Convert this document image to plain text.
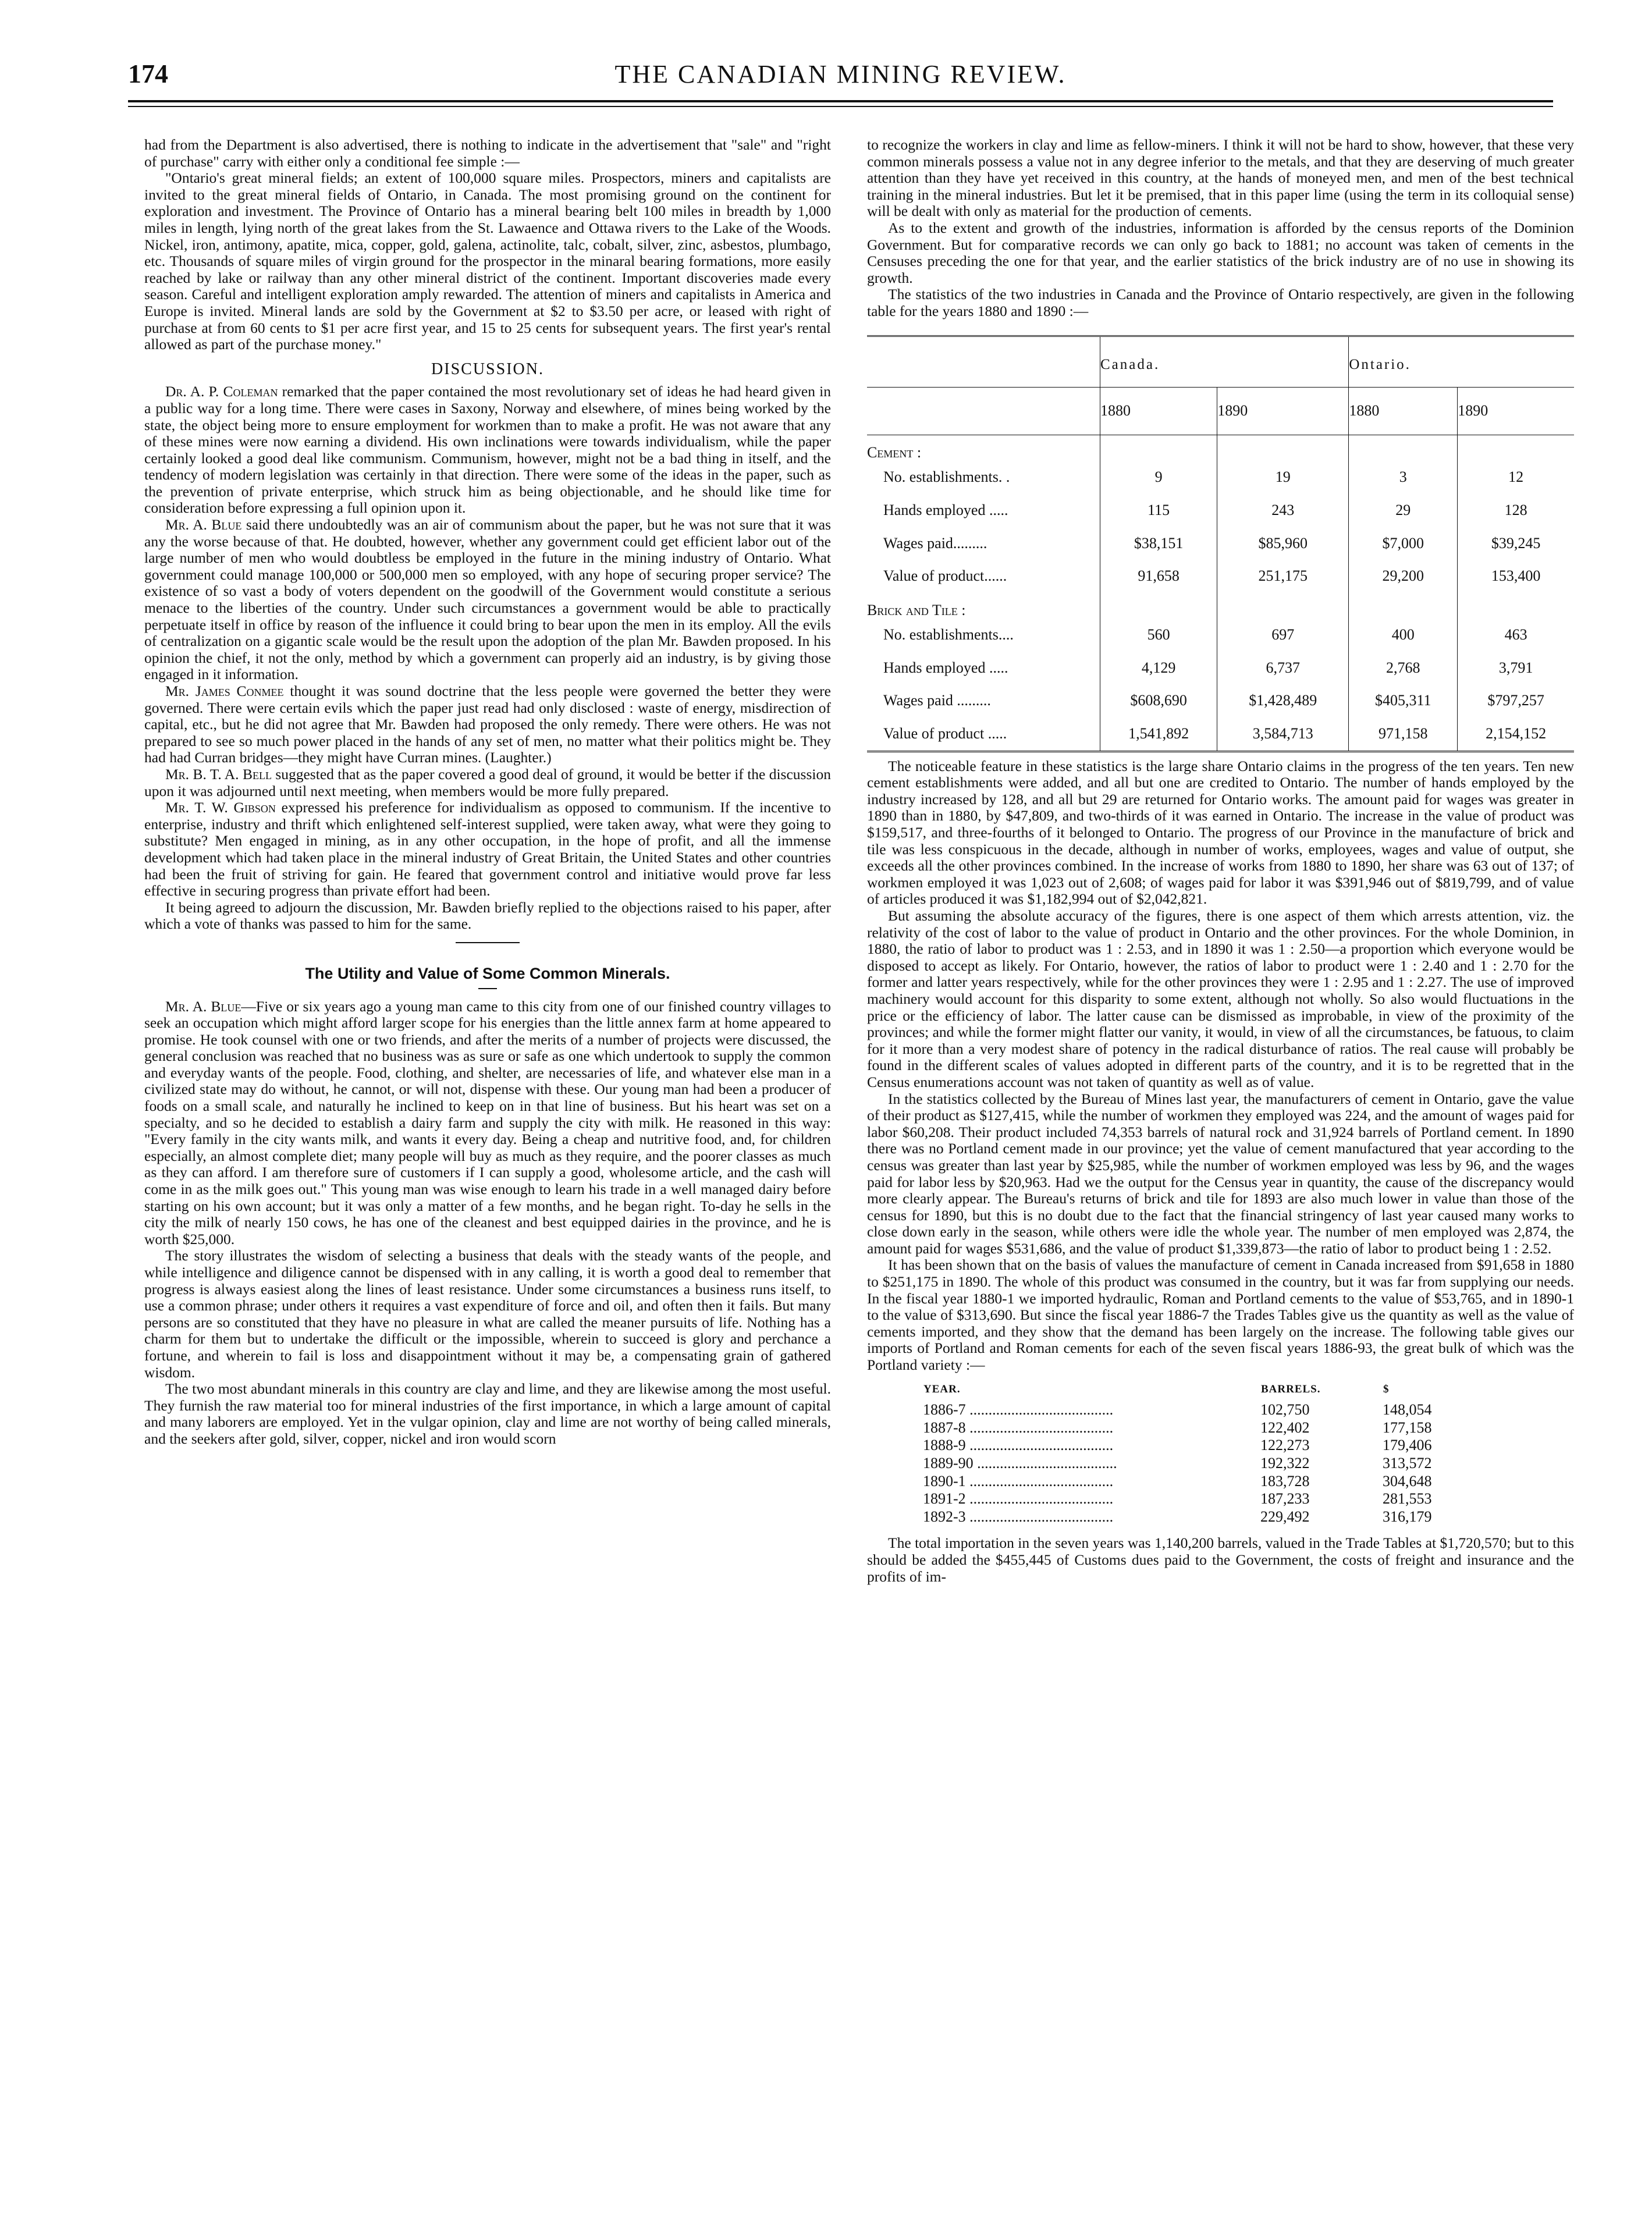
174	THE CANADIAN MINING REVIEW.

had from the Department is also advertised, there is nothing to indicate in the advertisement that "sale" and "right of purchase" carry with either only a conditional fee simple :—

"Ontario's great mineral fields; an extent of 100,000 square miles. Prospectors, miners and capitalists are invited to the great mineral fields of Ontario, in Canada. The most promising ground on the continent for exploration and investment. The Province of Ontario has a mineral bearing belt 100 miles in breadth by 1,000 miles in length, lying north of the great lakes from the St. Lawaence and Ottawa rivers to the Lake of the Woods. Nickel, iron, antimony, apatite, mica, copper, gold, galena, actinolite, talc, cobalt, silver, zinc, asbestos, plumbago, etc. Thousands of square miles of virgin ground for the prospector in the minaral bearing formations, more easily reached by lake or railway than any other mineral district of the continent. Important discoveries made every season. Careful and intelligent exploration amply rewarded. The attention of miners and capitalists in America and Europe is invited. Mineral lands are sold by the Government at $2 to $3.50 per acre, or leased with right of purchase at from 60 cents to $1 per acre first year, and 15 to 25 cents for subsequent years. The first year's rental allowed as part of the purchase money."

DISCUSSION.

Dr. A. P. Coleman remarked that the paper contained the most revolutionary set of ideas he had heard given in a public way for a long time. There were cases in Saxony, Norway and elsewhere, of mines being worked by the state, the object being more to ensure employment for workmen than to make a profit. He was not aware that any of these mines were now earning a dividend. His own inclinations were towards individualism, while the paper certainly looked a good deal like communism. Communism, however, might not be a bad thing in itself, and the tendency of modern legislation was certainly in that direction. There were some of the ideas in the paper, such as the prevention of private enterprise, which struck him as being objectionable, and he should like time for consideration before expressing a full opinion upon it.

Mr. A. Blue said there undoubtedly was an air of communism about the paper, but he was not sure that it was any the worse because of that. He doubted, however, whether any government could get efficient labor out of the large number of men who would doubtless be employed in the future in the mining industry of Ontario. What government could manage 100,000 or 500,000 men so employed, with any hope of securing proper service? The existence of so vast a body of voters dependent on the goodwill of the Government would constitute a serious menace to the liberties of the country. Under such circumstances a government would be able to practically perpetuate itself in office by reason of the influence it could bring to bear upon the men in its employ. All the evils of centralization on a gigantic scale would be the result upon the adoption of the plan Mr. Bawden proposed. In his opinion the chief, it not the only, method by which a government can properly aid an industry, is by giving those engaged in it information.

Mr. James Conmee thought it was sound doctrine that the less people were governed the better they were governed. There were certain evils which the paper just read had only disclosed : waste of energy, misdirection of capital, etc., but he did not agree that Mr. Bawden had proposed the only remedy. There were others. He was not prepared to see so much power placed in the hands of any set of men, no matter what their politics might be. They had had Curran bridges—they might have Curran mines. (Laughter.)

Mr. B. T. A. Bell suggested that as the paper covered a good deal of ground, it would be better if the discussion upon it was adjourned until next meeting, when members would be more fully prepared.

Mr. T. W. Gibson expressed his preference for individualism as opposed to communism. If the incentive to enterprise, industry and thrift which enlightened self-interest supplied, were taken away, what were they going to substitute? Men engaged in mining, as in any other occupation, in the hope of profit, and all the immense development which had taken place in the mineral industry of Great Britain, the United States and other countries had been the fruit of striving for gain. He feared that government control and initiative would prove far less effective in securing progress than private effort had been.

It being agreed to adjourn the discussion, Mr. Bawden briefly replied to the objections raised to his paper, after which a vote of thanks was passed to him for the same.

The Utility and Value of Some Common Minerals.

Mr. A. Blue—Five or six years ago a young man came to this city from one of our finished country villages to seek an occupation which might afford larger scope for his energies than the little annex farm at home appeared to promise. He took counsel with one or two friends, and after the merits of a number of projects were discussed, the general conclusion was reached that no business was as sure or safe as one which undertook to supply the common and everyday wants of the people. Food, clothing, and shelter, are necessaries of life, and whatever else man in a civilized state may do without, he cannot, or will not, dispense with these. Our young man had been a producer of foods on a small scale, and naturally he inclined to keep on in that line of business. But his heart was set on a specialty, and so he decided to establish a dairy farm and supply the city with milk. He reasoned in this way: "Every family in the city wants milk, and wants it every day. Being a cheap and nutritive food, and, for children especially, an almost complete diet; many people will buy as much as they require, and the poorer classes as much as they can afford. I am therefore sure of customers if I can supply a good, wholesome article, and the cash will come in as the milk goes out." This young man was wise enough to learn his trade in a well managed dairy before starting on his own account; but it was only a matter of a few months, and he began right. To-day he sells in the city the milk of nearly 150 cows, he has one of the cleanest and best equipped dairies in the province, and he is worth $25,000.

The story illustrates the wisdom of selecting a business that deals with the steady wants of the people, and while intelligence and diligence cannot be dispensed with in any calling, it is worth a good deal to remember that progress is always easiest along the lines of least resistance. Under some circumstances a business runs itself, to use a common phrase; under others it requires a vast expenditure of force and oil, and often then it fails. But many persons are so constituted that they have no pleasure in what are called the meaner pursuits of life. Nothing has a charm for them but to undertake the difficult or the impossible, wherein to succeed is glory and perchance a fortune, and wherein to fail is loss and disappointment without it may be, a compensating grain of gathered wisdom.

The two most abundant minerals in this country are clay and lime, and they are likewise among the most useful. They furnish the raw material too for mineral industries of the first importance, in which a large amount of capital and many laborers are employed. Yet in the vulgar opinion, clay and lime are not worthy of being called minerals, and the seekers after gold, silver, copper, nickel and iron would scorn

to recognize the workers in clay and lime as fellow-miners. I think it will not be hard to show, however, that these very common minerals possess a value not in any degree inferior to the metals, and that they are deserving of much greater attention than they have yet received in this country, at the hands of moneyed men, and men of the best technical training in the mineral industries. But let it be premised, that in this paper lime (using the term in its colloquial sense) will be dealt with only as material for the production of cements.

As to the extent and growth of the industries, information is afforded by the census reports of the Dominion Government. But for comparative records we can only go back to 1881; no account was taken of cements in the Censuses preceding the one for that year, and the earlier statistics of the brick industry are of no use in showing its growth.

The statistics of the two industries in Canada and the Province of Ontario respectively, are given in the following table for the years 1880 and 1890 :—

	Canada.		Ontario.	
	1880	1890	1880	1890
Cement :				
No. establishments. .	9	19	3	12
Hands employed .....	115	243	29	128
Wages paid.........	$38,151	$85,960	$7,000	$39,245
Value of product......	91,658	251,175	29,200	153,400
Brick and Tile :				
No. establishments....	560	697	400	463
Hands employed .....	4,129	6,737	2,768	3,791
Wages paid .........	$608,690	$1,428,489	$405,311	$797,257
Value of product .....	1,541,892	3,584,713	971,158	2,154,152

The noticeable feature in these statistics is the large share Ontario claims in the progress of the ten years. Ten new cement establishments were added, and all but one are credited to Ontario. The number of hands employed by the industry increased by 128, and all but 29 are returned for Ontario works. The amount paid for wages was greater in 1890 than in 1880, by $47,809, and two-thirds of it was earned in Ontario. The increase in the value of product was $159,517, and three-fourths of it belonged to Ontario. The progress of our Province in the manufacture of brick and tile was less conspicuous in the decade, although in number of works, employees, wages and value of output, she exceeds all the other provinces combined. In the increase of works from 1880 to 1890, her share was 63 out of 137; of workmen employed it was 1,023 out of 2,608; of wages paid for labor it was $391,946 out of $819,799, and of value of articles produced it was $1,182,994 out of $2,042,821.

But assuming the absolute accuracy of the figures, there is one aspect of them which arrests attention, viz. the relativity of the cost of labor to the value of product in Ontario and the other provinces. For the whole Dominion, in 1880, the ratio of labor to product was 1 : 2.53, and in 1890 it was 1 : 2.50—a proportion which everyone would be disposed to accept as likely. For Ontario, however, the ratios of labor to product were 1 : 2.40 and 1 : 2.70 for the former and latter years respectively, while for the other provinces they were 1 : 2.95 and 1 : 2.27. The use of improved machinery would account for this disparity to some extent, although not wholly. So also would fluctuations in the price or the efficiency of labor. The latter cause can be dismissed as improbable, in view of the proximity of the provinces; and while the former might flatter our vanity, it would, in view of all the circumstances, be fatuous, to claim for it more than a very modest share of potency in the radical disturbance of ratios. The real cause will probably be found in the different scales of values adopted in different parts of the country, and it is to be regretted that in the Census enumerations account was not taken of quantity as well as of value.

In the statistics collected by the Bureau of Mines last year, the manufacturers of cement in Ontario, gave the value of their product as $127,415, while the number of workmen they employed was 224, and the amount of wages paid for labor $60,208. Their product included 74,353 barrels of natural rock and 31,924 barrels of Portland cement. In 1890 there was no Portland cement made in our province; yet the value of cement manufactured that year according to the census was greater than last year by $25,985, while the number of workmen employed was less by 96, and the wages paid for labor less by $20,963. Had we the output for the Census year in quantity, the cause of the discrepancy would more clearly appear. The Bureau's returns of brick and tile for 1893 are also much lower in value than those of the census for 1890, but this is no doubt due to the fact that the financial stringency of last year caused many works to close down early in the season, while others were idle the whole year. The number of men employed was 2,874, the amount paid for wages $531,686, and the value of product $1,339,873—the ratio of labor to product being 1 : 2.52.

It has been shown that on the basis of values the manufacture of cement in Canada increased from $91,658 in 1880 to $251,175 in 1890. The whole of this product was consumed in the country, but it was far from supplying our needs. In the fiscal year 1880-1 we imported hydraulic, Roman and Portland cements to the value of $53,765, and in 1890-1 to the value of $313,690. But since the fiscal year 1886-7 the Trades Tables give us the quantity as well as the value of cements imported, and they show that the demand has been largely on the increase. The following table gives our imports of Portland and Roman cements for each of the seven fiscal years 1886-93, the great bulk of which was the Portland variety :—

YEAR.	BARRELS.	$
1886-7 ......................................	102,750	148,054
1887-8 ......................................	122,402	177,158
1888-9 ......................................	122,273	179,406
1889-90 .....................................	192,322	313,572
1890-1 ......................................	183,728	304,648
1891-2 ......................................	187,233	281,553
1892-3 ......................................	229,492	316,179

The total importation in the seven years was 1,140,200 barrels, valued in the Trade Tables at $1,720,570; but to this should be added the $455,445 of Customs dues paid to the Government, the costs of freight and insurance and the profits of im-
